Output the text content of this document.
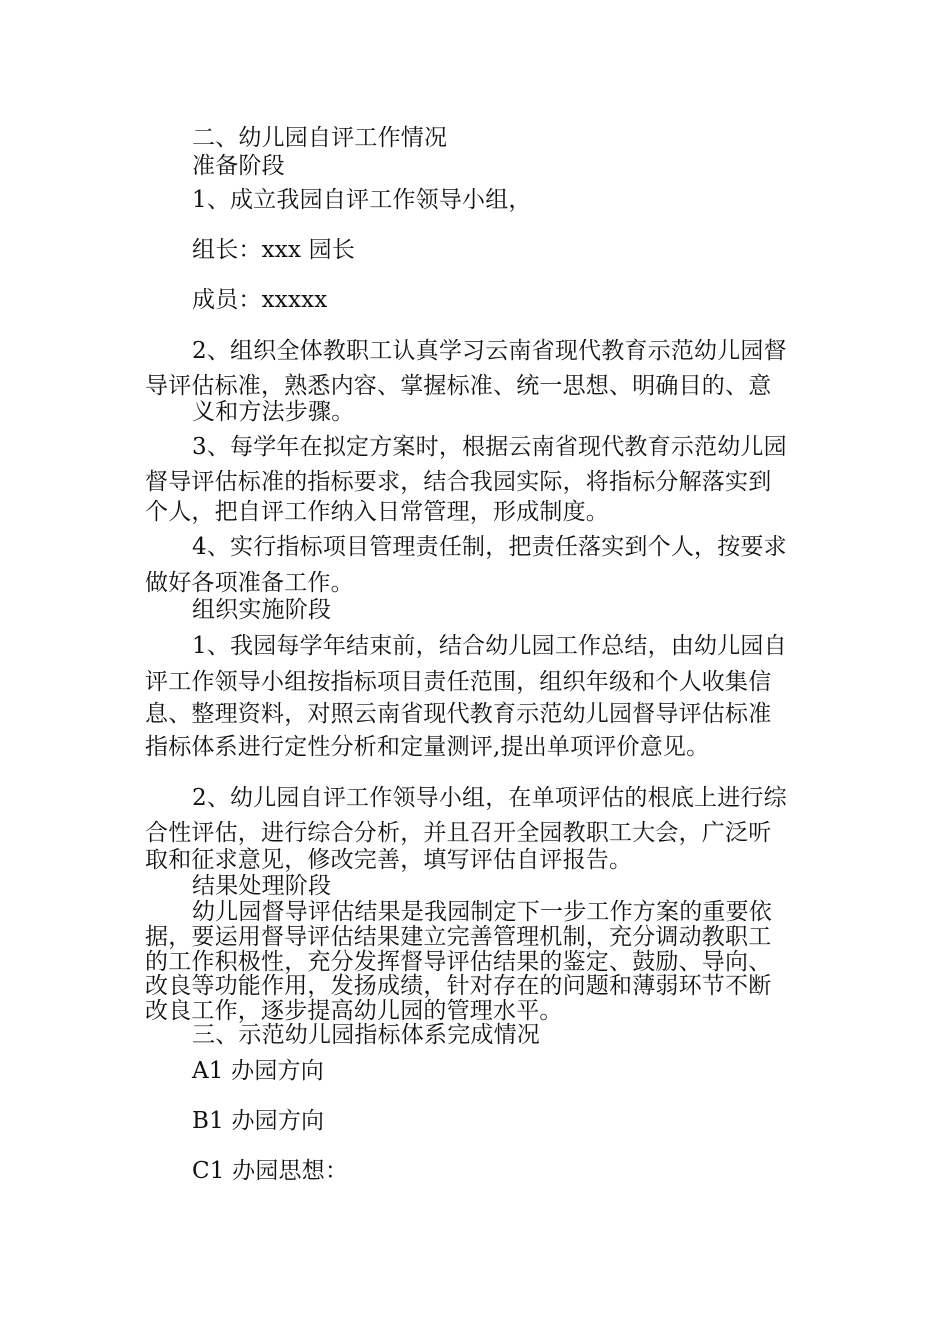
二、幼儿园自评工作情况
准备阶段
1、成立我园自评工作领导小组，
组长：xxx 园长
成员：xxxxx
2、组织全体教职工认真学习云南省现代教育示范幼儿园督
导评估标准，熟悉内容、掌握标准、统一思想、明确目的、意
义和方法步骤。
3、每学年在拟定方案时，根据云南省现代教育示范幼儿园
督导评估标准的指标要求，结合我园实际，将指标分解落实到
个人，把自评工作纳入日常管理，形成制度。
4、实行指标项目管理责任制，把责任落实到个人，按要求
做好各项准备工作。
组织实施阶段
1、我园每学年结束前，结合幼儿园工作总结，由幼儿园自
评工作领导小组按指标项目责任范围，组织年级和个人收集信
息、整理资料，对照云南省现代教育示范幼儿园督导评估标准
指标体系进行定性分析和定量测评,提出单项评价意见。
2、幼儿园自评工作领导小组，在单项评估的根底上进行综
合性评估，进行综合分析，并且召开全园教职工大会，广泛听
取和征求意见，修改完善，填写评估自评报告。
结果处理阶段
幼儿园督导评估结果是我园制定下一步工作方案的重要依
据，要运用督导评估结果建立完善管理机制，充分调动教职工
的工作积极性，充分发挥督导评估结果的鉴定、鼓励、导向、
改良等功能作用，发扬成绩，针对存在的问题和薄弱环节不断
改良工作，逐步提高幼儿园的管理水平。
三、示范幼儿园指标体系完成情况
A1 办园方向
B1 办园方向
C1 办园思想：
